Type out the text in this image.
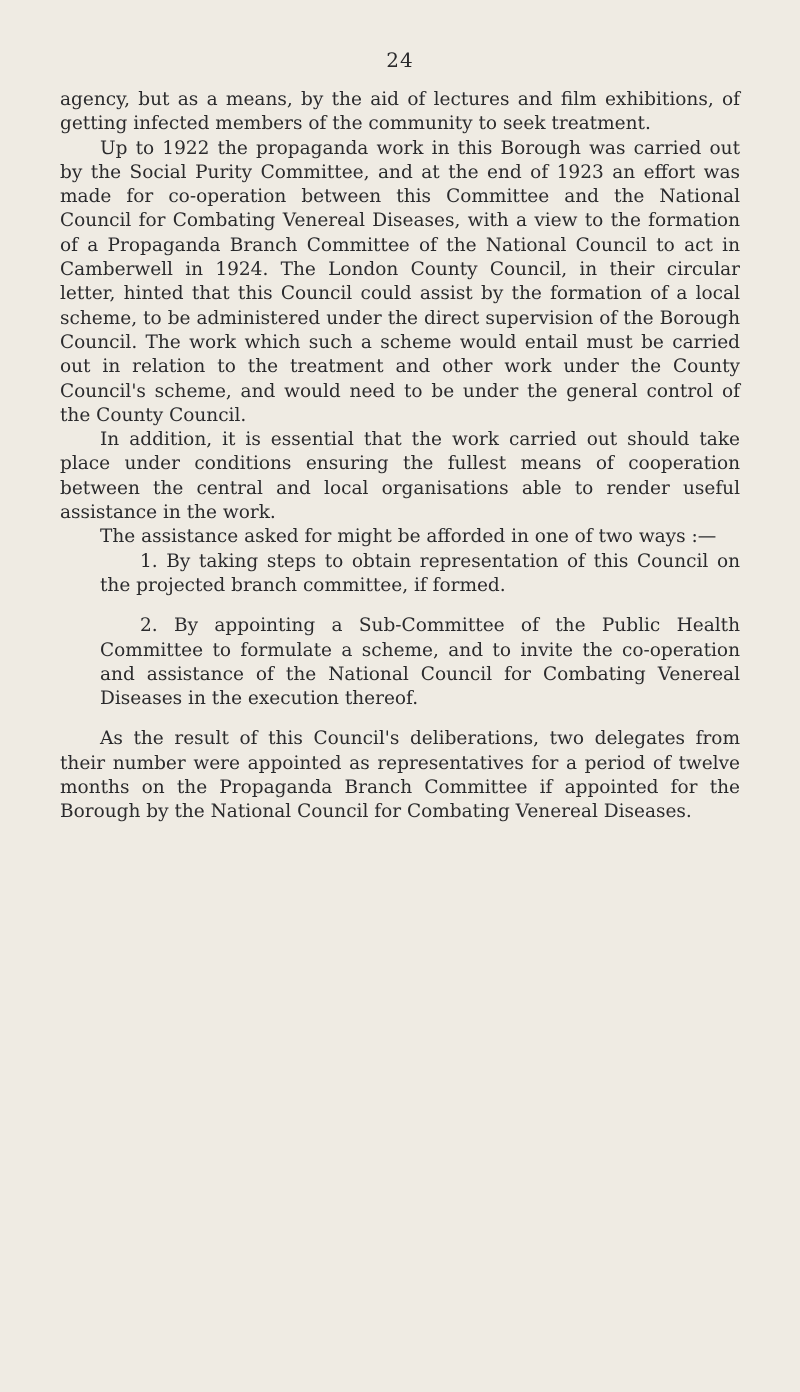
24

agency, but as a means, by the aid of lectures and film exhibitions, of getting infected members of the community to seek treatment.

Up to 1922 the propaganda work in this Borough was carried out by the Social Purity Committee, and at the end of 1923 an effort was made for co-operation between this Committee and the National Council for Combating Venereal Diseases, with a view to the formation of a Propaganda Branch Committee of the National Council to act in Camberwell in 1924. The London County Council, in their circular letter, hinted that this Council could assist by the formation of a local scheme, to be administered under the direct supervision of the Borough Council. The work which such a scheme would entail must be carried out in relation to the treatment and other work under the County Council's scheme, and would need to be under the general control of the County Council.

In addition, it is essential that the work carried out should take place under conditions ensuring the fullest means of cooperation between the central and local organisations able to render useful assistance in the work.

The assistance asked for might be afforded in one of two ways :—

1. By taking steps to obtain representation of this Council on the projected branch committee, if formed.

2. By appointing a Sub-Committee of the Public Health Committee to formulate a scheme, and to invite the co-operation and assistance of the National Council for Combating Venereal Diseases in the execution thereof.

As the result of this Council's deliberations, two delegates from their number were appointed as representatives for a period of twelve months on the Propaganda Branch Committee if appointed for the Borough by the National Council for Combating Venereal Diseases.
